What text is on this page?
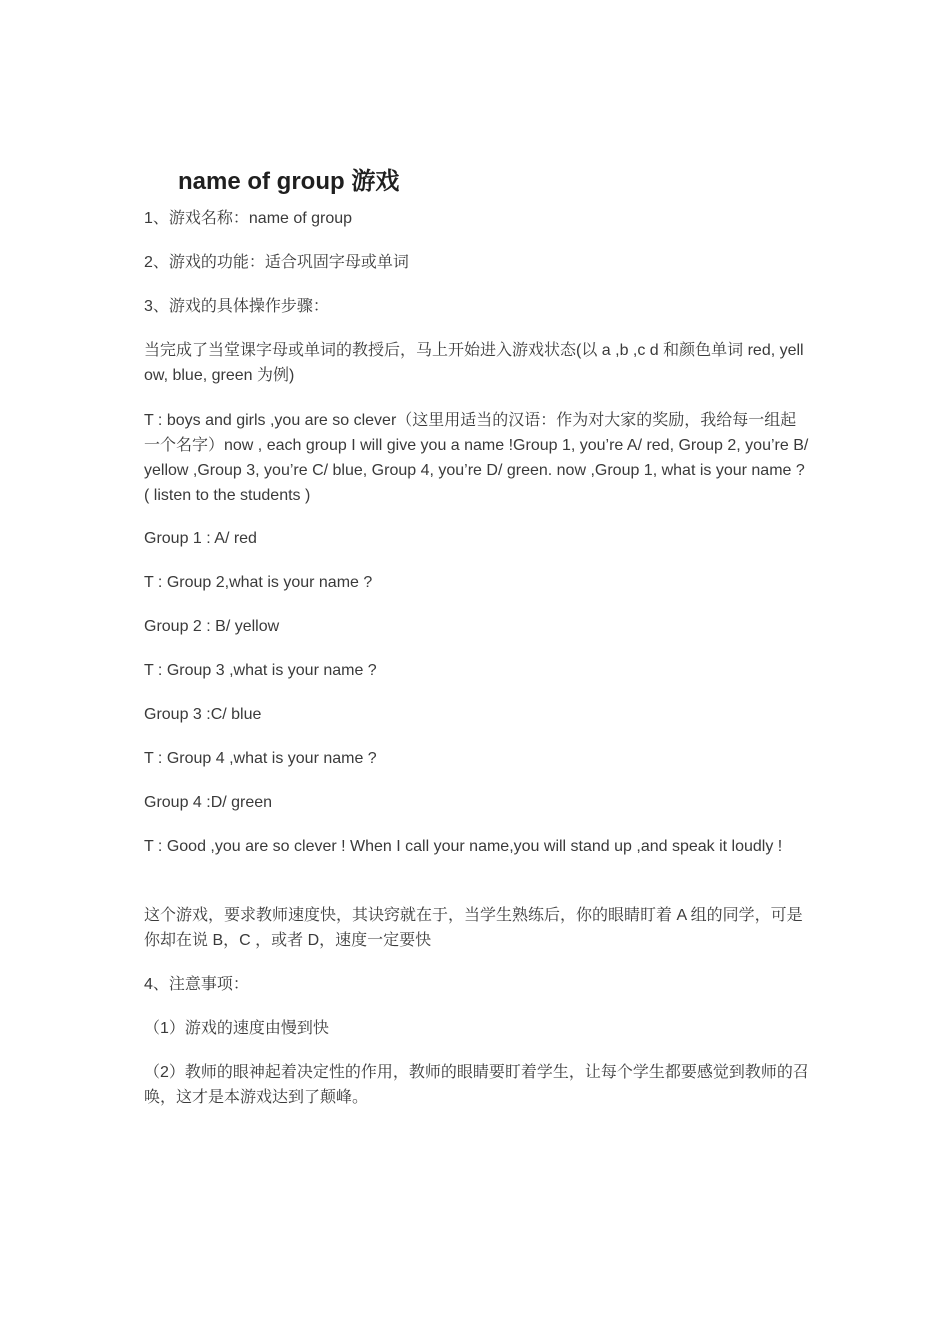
name of group 游戏

1、游戏名称：name of group

2、游戏的功能：适合巩固字母或单词

3、游戏的具体操作步骤：

当完成了当堂课字母或单词的教授后，马上开始进入游戏状态(以 a ,b ,c d 和颜色单词 red, yellow, blue, green 为例)

T : boys and girls ,you are so clever（这里用适当的汉语：作为对大家的奖励，我给每一组起一个名字）now , each group I will give you a name !Group 1, you’re A/ red, Group 2, you’re B/ yellow ,Group 3, you’re C/ blue, Group 4, you’re D/ green. now ,Group 1, what is your name ? ( listen to the students )

Group 1 : A/ red

T : Group 2,what is your name ?

Group 2 : B/ yellow

T : Group 3 ,what is your name ?

Group 3 :C/ blue

T : Group 4 ,what is your name ?

Group 4 :D/ green

T : Good ,you are so clever ! When I call your name,you will stand up ,and speak it loudly !

这个游戏，要求教师速度快，其诀窍就在于，当学生熟练后，你的眼睛盯着 A 组的同学，可是你却在说 B，C ，或者 D，速度一定要快

4、注意事项：

（1）游戏的速度由慢到快

（2）教师的眼神起着决定性的作用，教师的眼睛要盯着学生，让每个学生都要感觉到教师的召唤，这才是本游戏达到了颠峰。
